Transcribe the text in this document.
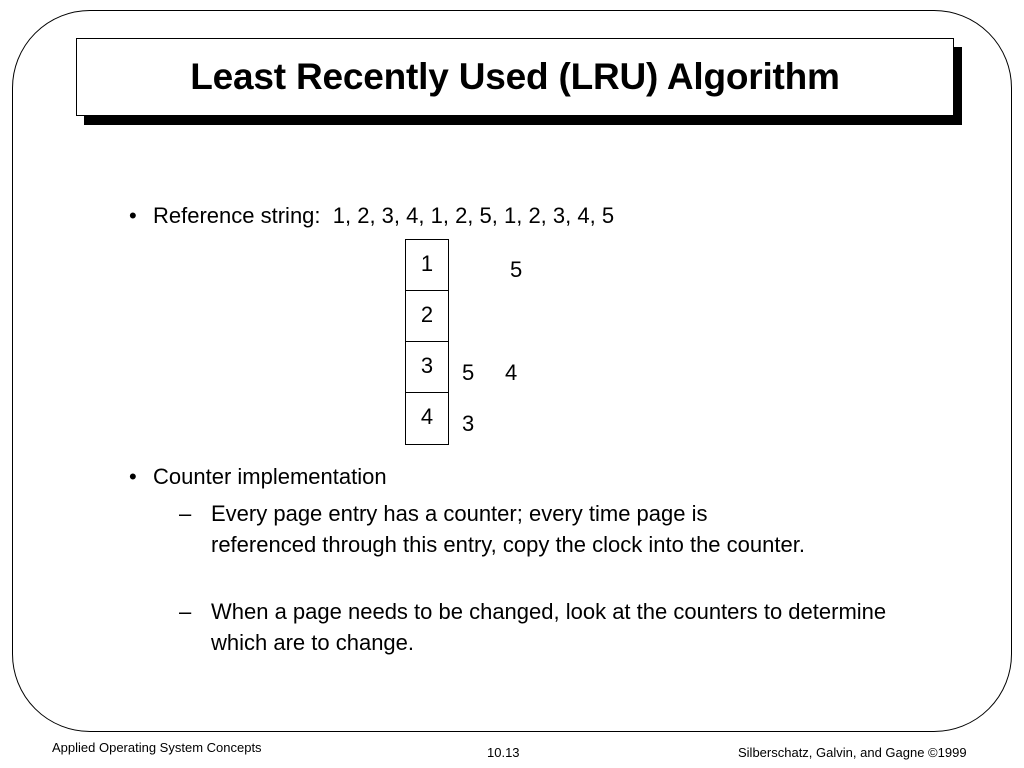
Least Recently Used (LRU) Algorithm
• Reference string: 1, 2, 3, 4, 1, 2, 5, 1, 2, 3, 4, 5
1
2
3
4
5
5 4
3
• Counter implementation
– Every page entry has a counter; every time page is referenced through this entry, copy the clock into the counter.
– When a page needs to be changed, look at the counters to determine which are to change.
Applied Operating System Concepts	10.13	Silberschatz, Galvin, and Gagne ©1999
